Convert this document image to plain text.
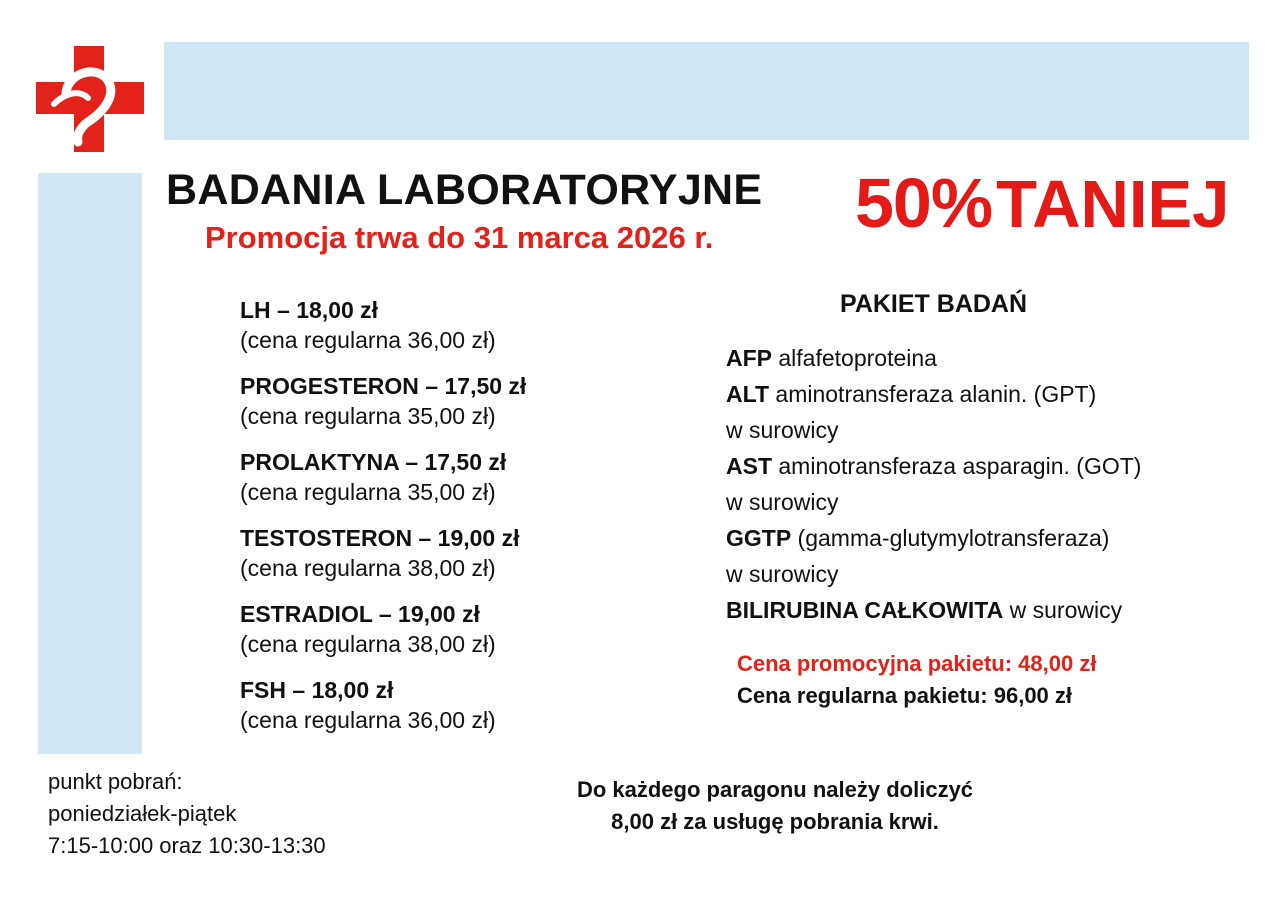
BADANIA LABORATORYJNE
Promocja trwa do 31 marca 2026 r. 50%TANIEJ
LH – 18,00 zł
(cena regularna 36,00 zł)
PROGESTERON – 17,50 zł
(cena regularna 35,00 zł)
PROLAKTYNA – 17,50 zł
(cena regularna 35,00 zł)
TESTOSTERON – 19,00 zł
(cena regularna 38,00 zł)
ESTRADIOL – 19,00 zł
(cena regularna 38,00 zł)
FSH – 18,00 zł
(cena regularna 36,00 zł)
PAKIET BADAŃ
AFP alfafetoproteina
ALT aminotransferaza alanin. (GPT)
w surowicy
AST aminotransferaza asparagin. (GOT)
w surowicy
GGTP (gamma-glutymylotransferaza)
w surowicy
BILIRUBINA CAŁKOWITA w surowicy
Cena promocyjna pakietu: 48,00 zł
Cena regularna pakietu: 96,00 zł
punkt pobrań:
poniedziałek-piątek
7:15-10:00 oraz 10:30-13:30
Do każdego paragonu należy doliczyć
8,00 zł za usługę pobrania krwi.
